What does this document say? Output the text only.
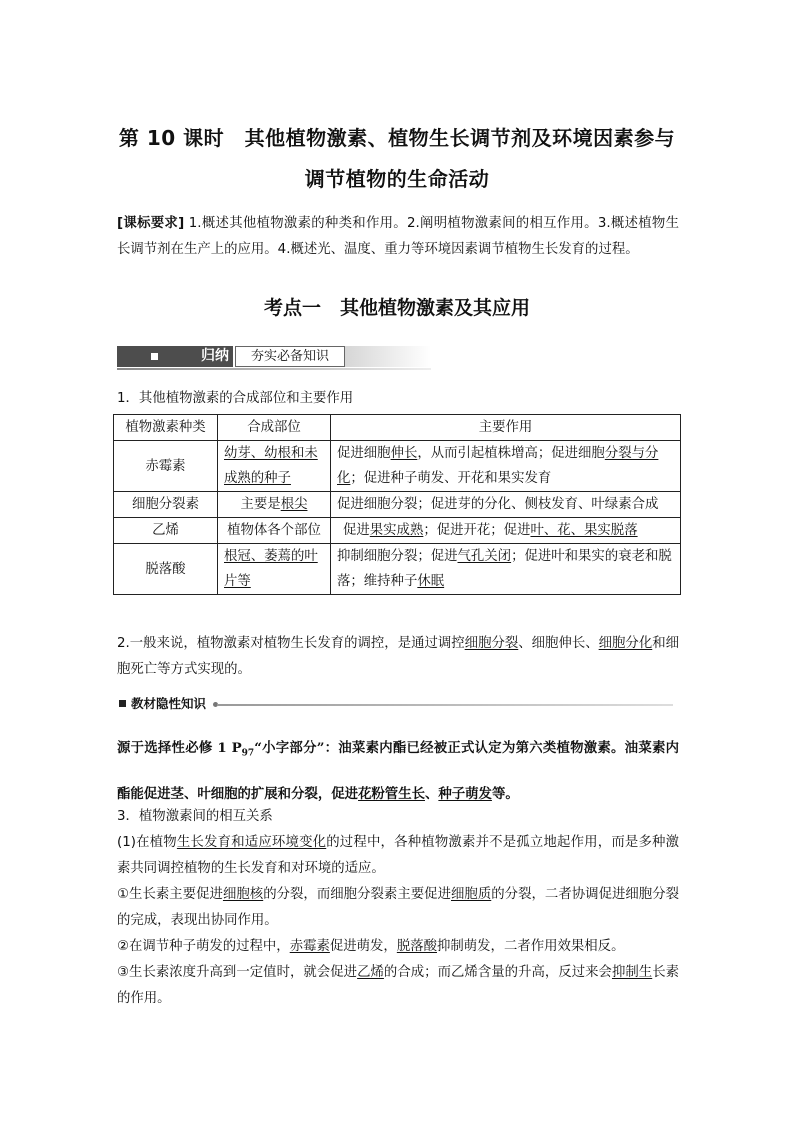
第 10 课时　其他植物激素、植物生长调节剂及环境因素参与
调节植物的生命活动
[课标要求] 1.概述其他植物激素的种类和作用。2.阐明植物激素间的相互作用。3.概述植物生长调节剂在生产上的应用。4.概述光、温度、重力等环境因素调节植物生长发育的过程。
考点一　其他植物激素及其应用
归纳	夯实必备知识
1．其他植物激素的合成部位和主要作用
植物激素种类	合成部位	主要作用
赤霉素	幼芽、幼根和未成熟的种子	促进细胞伸长，从而引起植株增高；促进细胞分裂与分化；促进种子萌发、开花和果实发育
细胞分裂素	主要是根尖	促进细胞分裂；促进芽的分化、侧枝发育、叶绿素合成
乙烯	植物体各个部位	促进果实成熟；促进开花；促进叶、花、果实脱落
脱落酸	根冠、萎蔫的叶片等	抑制细胞分裂；促进气孔关闭；促进叶和果实的衰老和脱落；维持种子休眠
2.一般来说，植物激素对植物生长发育的调控，是通过调控细胞分裂、细胞伸长、细胞分化和细胞死亡等方式实现的。
教材隐性知识
源于选择性必修 1 $P_{97}“$小字部分”：油菜素内酯已经被正式认定为第六类植物激素。油菜素内酯能促进茎、叶细胞的扩展和分裂，促进花粉管生长、种子萌发等。
3．植物激素间的相互关系
(1)在植物生长发育和适应环境变化的过程中，各种植物激素并不是孤立地起作用，而是多种激素共同调控植物的生长发育和对环境的适应。
①生长素主要促进细胞核的分裂，而细胞分裂素主要促进细胞质的分裂，二者协调促进细胞分裂的完成，表现出协同作用。
②在调节种子萌发的过程中，赤霉素促进萌发，脱落酸抑制萌发，二者作用效果相反。
③生长素浓度升高到一定值时，就会促进乙烯的合成；而乙烯含量的升高，反过来会抑制生长素的作用。
